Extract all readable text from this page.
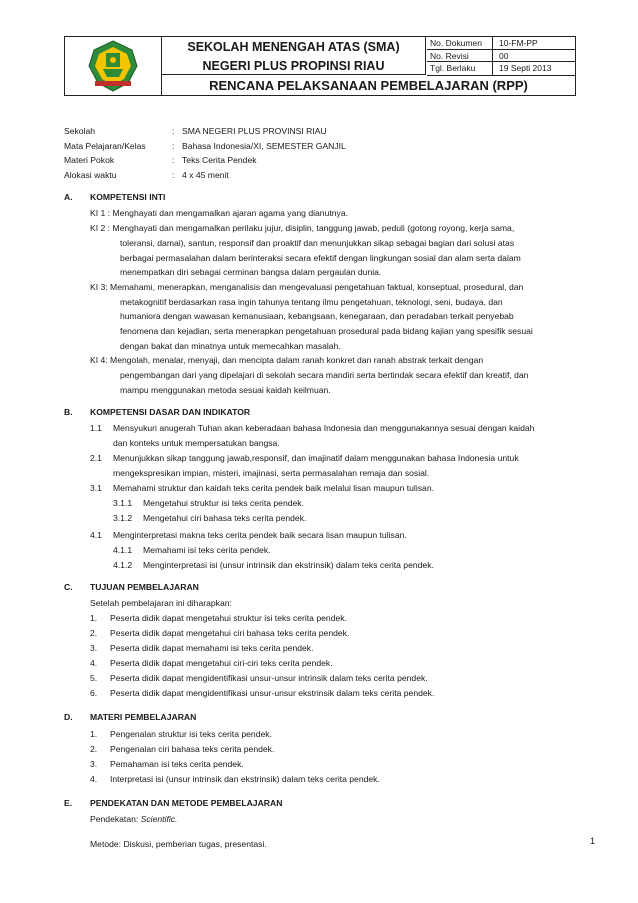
SEKOLAH MENENGAH ATAS (SMA)
NEGERI PLUS PROPINSI RIAU
No. Dokumen	10-FM-PP
No. Revisi	00
Tgl. Berlaku	19 Septi 2013
RENCANA PELAKSANAAN PEMBELAJARAN (RPP)
Sekolah	: SMA NEGERI PLUS PROVINSI RIAU
Mata Pelajaran/Kelas	: Bahasa Indonesia/XI, SEMESTER GANJIL
Materi Pokok	: Teks Cerita Pendek
Alokasi waktu	: 4 x 45 menit
A. KOMPETENSI INTI
KI 1 : Menghayati dan mengamalkan ajaran agama yang dianutnya.
KI 2 : Menghayati dan mengamalkan perilaku jujur, disiplin, tanggung jawab, peduli (gotong royong, kerja sama,
toleransi, damai), santun, responsif dan proaktif dan menunjukkan sikap sebagai bagian dari solusi atas
berbagai permasalahan dalam berinteraksi secara efektif dengan lingkungan sosial dan alam serta dalam
menempatkan diri sebagai cerminan bangsa dalam pergaulan dunia.
KI 3: Memahami, menerapkan, menganalisis dan mengevaluasi pengetahuan faktual, konseptual, prosedural, dan
metakognitif berdasarkan rasa ingin tahunya tentang ilmu pengetahuan, teknologi, seni, budaya, dan
humaniora dengan wawasan kemanusiaan, kebangsaan, kenegaraan, dan peradaban terkait penyebab
fenomena dan kejadian, serta menerapkan pengetahuan prosedural pada bidang kajian yang spesifik sesuai
dengan bakat dan minatnya untuk memecahkan masalah.
KI 4: Mengolah, menalar, menyaji, dan mencipta dalam ranah konkret dan ranah abstrak terkait dengan
pengembangan dari yang dipelajari di sekolah secara mandiri serta bertindak secara efektif dan kreatif, dan
mampu menggunakan metoda sesuai kaidah keilmuan.
B. KOMPETENSI DASAR DAN INDIKATOR
1.1 Mensyukuri anugerah Tuhan akan keberadaan bahasa Indonesia dan menggunakannya sesuai dengan kaidah
dan konteks untuk mempersatukan bangsa.
2.1 Menunjukkan sikap tanggung jawab,responsif, dan imajinatif dalam menggunakan bahasa Indonesia untuk
mengekspresikan impian, misteri, imajinasi, serta permasalahan remaja dan sosial.
3.1 Memahami struktur dan kaidah teks cerita pendek baik melalui lisan maupun tulisan.
3.1.1 Mengetahui struktur isi teks cerita pendek.
3.1.2 Mengetahui ciri bahasa teks cerita pendek.
4.1 Menginterpretasi makna teks cerita pendek baik secara lisan maupun tulisan.
4.1.1 Memahami isi teks cerita pendek.
4.1.2 Menginterpretasi isi (unsur intrinsik dan ekstrinsik) dalam teks cerita pendek.
C. TUJUAN PEMBELAJARAN
Setelah pembelajaran ini diharapkan:
1. Peserta didik dapat mengetahui struktur isi teks cerita pendek.
2. Peserta didik dapat mengetahui ciri bahasa teks cerita pendek.
3. Peserta didik dapat memahami isi teks cerita pendek.
4. Peserta didik dapat mengetahui ciri-ciri teks cerita pendek.
5. Peserta didik dapat mengidentifikasi unsur-unsur intrinsik dalam teks cerita pendek.
6. Peserta didik dapat mengidentifikasi unsur-unsur ekstrinsik dalam teks cerita pendek.
D. MATERI PEMBELAJARAN
1. Pengenalan struktur isi teks cerita pendek.
2. Pengenalan ciri bahasa teks cerita pendek.
3. Pemahaman isi teks cerita pendek.
4. Interpretasi isi (unsur intrinsik dan ekstrinsik) dalam teks cerita pendek.
E. PENDEKATAN DAN METODE PEMBELAJARAN
Pendekatan: Scientific.
Metode: Diskusi, pemberian tugas, presentasi.	1
